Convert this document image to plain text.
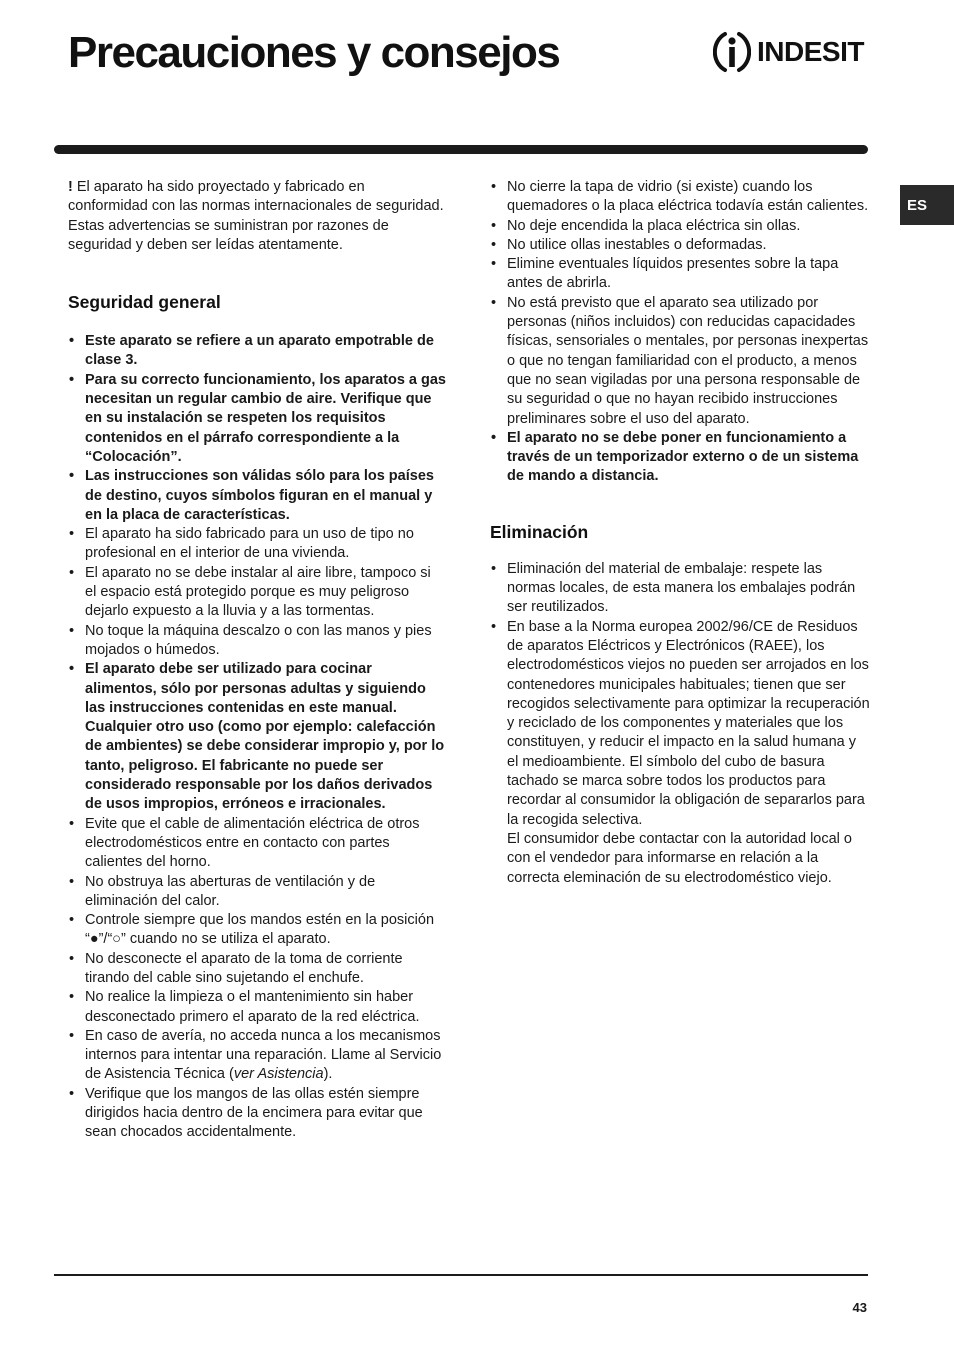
Precauciones y consejos	INDESIT
ES

! El aparato ha sido proyectado y fabricado en conformidad con las normas internacionales de seguridad. Estas advertencias se suministran por razones de seguridad y deben ser leídas atentamente.

Seguridad general
• Este aparato se refiere a un aparato empotrable de clase 3.
• Para su correcto funcionamiento, los aparatos a gas necesitan un regular cambio de aire. Verifique que en su instalación se respeten los requisitos contenidos en el párrafo correspondiente a la “Colocación”.
• Las instrucciones son válidas sólo para los países de destino, cuyos símbolos figuran en el manual y en la placa de características.
• El aparato ha sido fabricado para un uso de tipo no profesional en el interior de una vivienda.
• El aparato no se debe instalar al aire libre, tampoco si el espacio está protegido porque es muy peligroso dejarlo expuesto a la lluvia y a las tormentas.
• No toque la máquina descalzo o con las manos y pies mojados o húmedos.
• El aparato debe ser utilizado para cocinar alimentos, sólo por personas adultas y siguiendo las instrucciones contenidas en este manual. Cualquier otro uso (como por ejemplo: calefacción de ambientes) se debe considerar impropio y, por lo tanto, peligroso. El fabricante no puede ser considerado responsable por los daños derivados de usos impropios, erróneos e irracionales.
• Evite que el cable de alimentación eléctrica de otros electrodomésticos entre en contacto con partes calientes del horno.
• No obstruya las aberturas de ventilación y de eliminación del calor.
• Controle siempre que los mandos estén en la posición “●”/“○” cuando no se utiliza el aparato.
• No desconecte el aparato de la toma de corriente tirando del cable sino sujetando el enchufe.
• No realice la limpieza o el mantenimiento sin haber desconectado primero el aparato de la red eléctrica.
• En caso de avería, no acceda nunca a los mecanismos internos para intentar una reparación. Llame al Servicio de Asistencia Técnica (ver Asistencia).
• Verifique que los mangos de las ollas estén siempre dirigidos hacia dentro de la encimera para evitar que sean chocados accidentalmente.
• No cierre la tapa de vidrio (si existe) cuando los quemadores o la placa eléctrica todavía están calientes.
• No deje encendida la placa eléctrica sin ollas.
• No utilice ollas inestables o deformadas.
• Elimine eventuales líquidos presentes sobre la tapa antes de abrirla.
• No está previsto que el aparato sea utilizado por personas (niños incluidos) con reducidas capacidades físicas, sensoriales o mentales, por personas inexpertas o que no tengan familiaridad con el producto, a menos que no sean vigiladas por una persona responsable de su seguridad o que no hayan recibido instrucciones preliminares sobre el uso del aparato.
• El aparato no se debe poner en funcionamiento a través de un temporizador externo o de un sistema de mando a distancia.
Eliminación
• Eliminación del material de embalaje: respete las normas locales, de esta manera los embalajes podrán ser reutilizados.
• En base a la Norma europea 2002/96/CE de Residuos de aparatos Eléctricos y Electrónicos (RAEE), los electrodomésticos viejos no pueden ser arrojados en los contenedores municipales habituales; tienen que ser recogidos selectivamente para optimizar la recuperación y reciclado de los componentes y materiales que los constituyen, y reducir el impacto en la salud humana y el medioambiente. El símbolo del cubo de basura tachado se marca sobre todos los productos para recordar al consumidor la obligación de separarlos para la recogida selectiva.
El consumidor debe contactar con la autoridad local o con el vendedor para informarse en relación a la correcta eleminación de su electrodoméstico viejo.
43
